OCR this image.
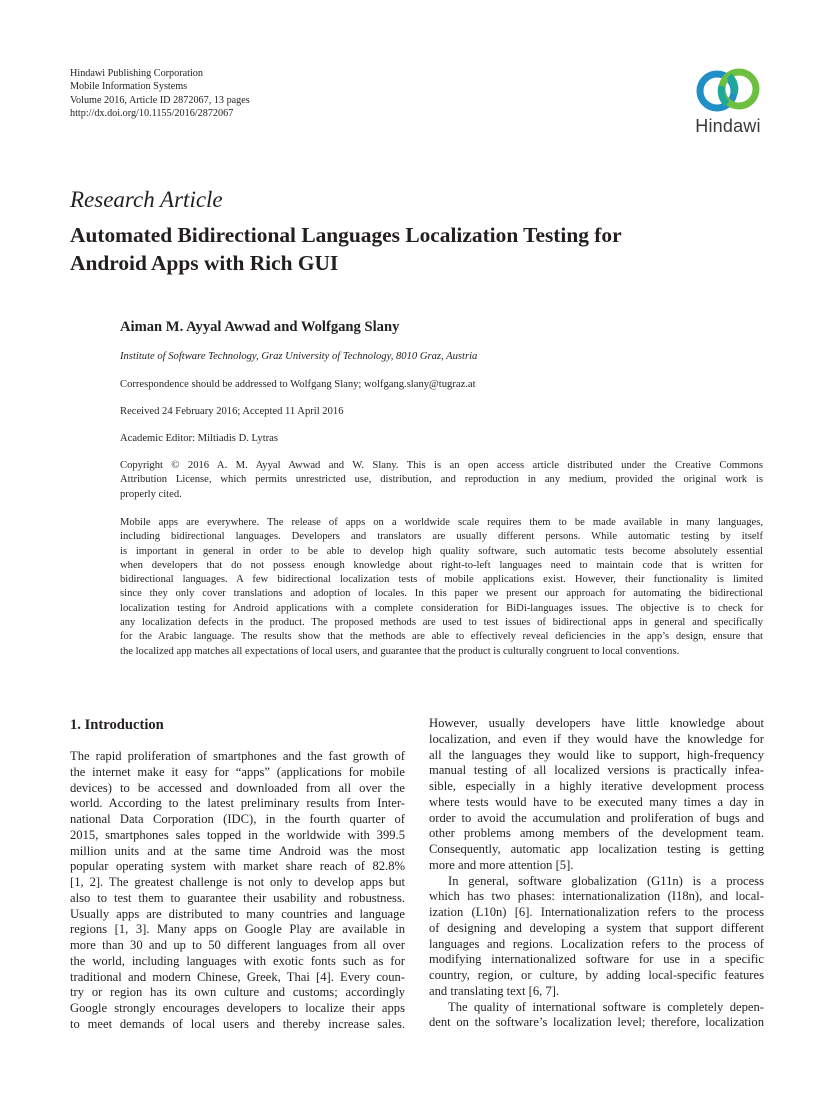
Hindawi Publishing Corporation
Mobile Information Systems
Volume 2016, Article ID 2872067, 13 pages
http://dx.doi.org/10.1155/2016/2872067
Hindawi
Research Article
Automated Bidirectional Languages Localization Testing for
Android Apps with Rich GUI
Aiman M. Ayyal Awwad and Wolfgang Slany
Institute of Software Technology, Graz University of Technology, 8010 Graz, Austria
Correspondence should be addressed to Wolfgang Slany; wolfgang.slany@tugraz.at
Received 24 February 2016; Accepted 11 April 2016
Academic Editor: Miltiadis D. Lytras
Copyright © 2016 A. M. Ayyal Awwad and W. Slany. This is an open access article distributed under the Creative Commons
Attribution License, which permits unrestricted use, distribution, and reproduction in any medium, provided the original work is
properly cited.
Mobile apps are everywhere. The release of apps on a worldwide scale requires them to be made available in many languages,
including bidirectional languages. Developers and translators are usually different persons. While automatic testing by itself
is important in general in order to be able to develop high quality software, such automatic tests become absolutely essential
when developers that do not possess enough knowledge about right-to-left languages need to maintain code that is written for
bidirectional languages. A few bidirectional localization tests of mobile applications exist. However, their functionality is limited
since they only cover translations and adoption of locales. In this paper we present our approach for automating the bidirectional
localization testing for Android applications with a complete consideration for BiDi-languages issues. The objective is to check for
any localization defects in the product. The proposed methods are used to test issues of bidirectional apps in general and specifically
for the Arabic language. The results show that the methods are able to effectively reveal deficiencies in the app’s design, ensure that
the localized app matches all expectations of local users, and guarantee that the product is culturally congruent to local conventions.
1. Introduction
The rapid proliferation of smartphones and the fast growth of
the internet make it easy for “apps” (applications for mobile
devices) to be accessed and downloaded from all over the
world. According to the latest preliminary results from Inter-
national Data Corporation (IDC), in the fourth quarter of
2015, smartphones sales topped in the worldwide with 399.5
million units and at the same time Android was the most
popular operating system with market share reach of 82.8%
[1, 2]. The greatest challenge is not only to develop apps but
also to test them to guarantee their usability and robustness.
Usually apps are distributed to many countries and language
regions [1, 3]. Many apps on Google Play are available in
more than 30 and up to 50 different languages from all over
the world, including languages with exotic fonts such as for
traditional and modern Chinese, Greek, Thai [4]. Every coun-
try or region has its own culture and customs; accordingly
Google strongly encourages developers to localize their apps
to meet demands of local users and thereby increase sales.
However, usually developers have little knowledge about
localization, and even if they would have the knowledge for
all the languages they would like to support, high-frequency
manual testing of all localized versions is practically infea-
sible, especially in a highly iterative development process
where tests would have to be executed many times a day in
order to avoid the accumulation and proliferation of bugs and
other problems among members of the development team.
Consequently, automatic app localization testing is getting
more and more attention [5].
In general, software globalization (G11n) is a process
which has two phases: internationalization (I18n), and local-
ization (L10n) [6]. Internationalization refers to the process
of designing and developing a system that support different
languages and regions. Localization refers to the process of
modifying internationalized software for use in a specific
country, region, or culture, by adding local-specific features
and translating text [6, 7].
The quality of international software is completely depen-
dent on the software’s localization level; therefore, localization
